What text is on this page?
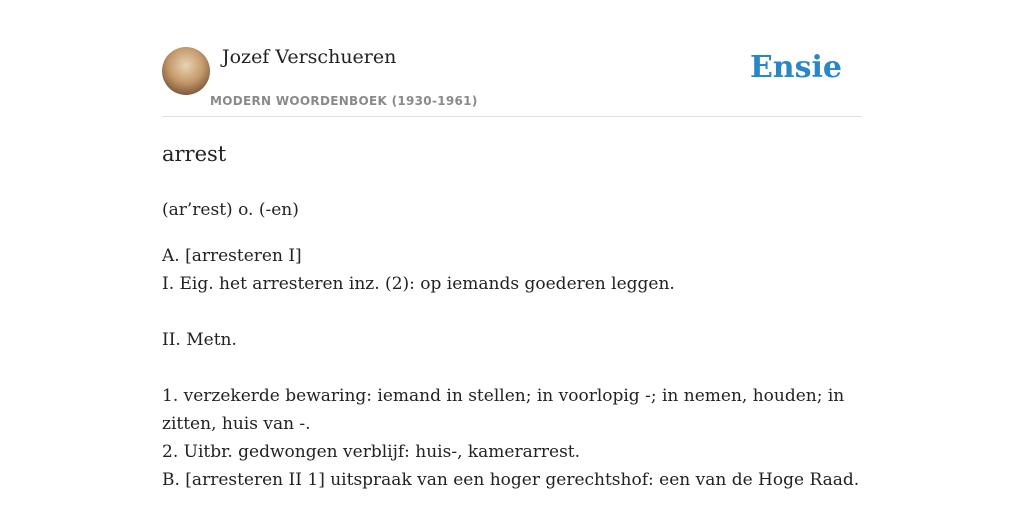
Jozef Verschueren
MODERN WOORDENBOEK (1930-1961)
Ensie
arrest
(ar’rest) o. (-en)
A. [arresteren I]
I. Eig. het arresteren inz. (2): op iemands goederen leggen.
II. Metn.
1. verzekerde bewaring: iemand in stellen; in voorlopig -; in nemen, houden; in zitten, huis van -.
2. Uitbr. gedwongen verblijf: huis-, kamerarrest.
B. [arresteren II 1] uitspraak van een hoger gerechtshof: een van de Hoge Raad.
